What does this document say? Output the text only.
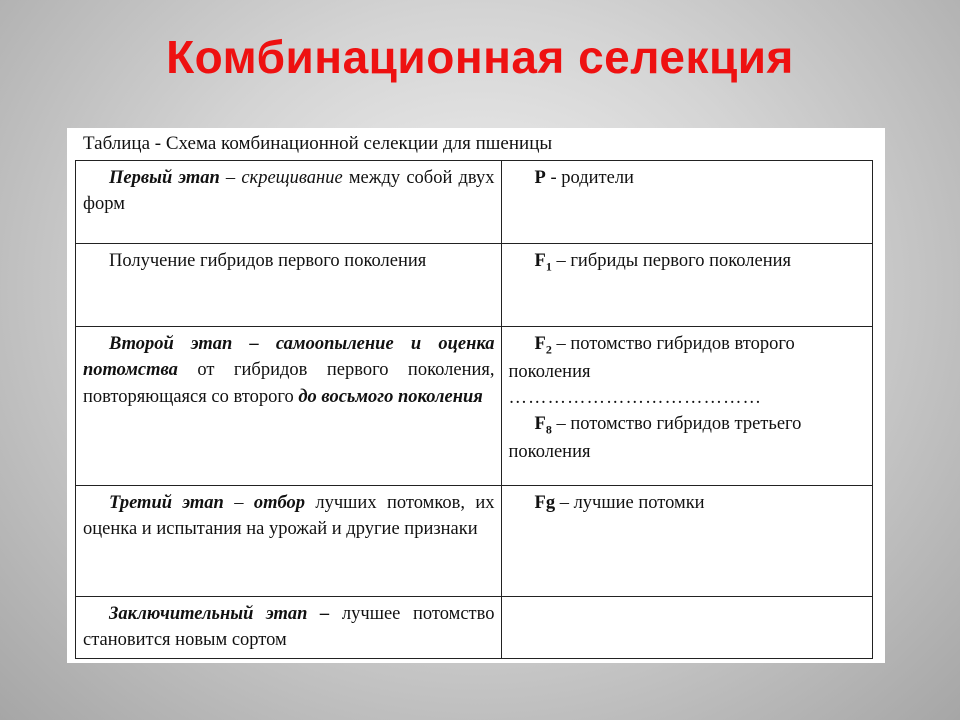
Комбинационная селекция
Таблица - Схема комбинационной селекции для пшеницы
Первый этап – скрещивание между собой двух форм	Р - родители
Получение гибридов первого поколения	$F_1$ – гибриды первого поколения
Второй этап – самоопыление и оценка потомства от гибридов первого поколения, повторяющаяся со второго до восьмого поколения	$F_2$ – потомство гибридов второго поколения
…………………………………
$F_8$ – потомство гибридов третьего поколения

Третий этап – отбор лучших потомков, их оценка и испытания на урожай и другие признаки	Fg – лучшие потомки
Заключительный этап – лучшее потомство становится новым сортом	
